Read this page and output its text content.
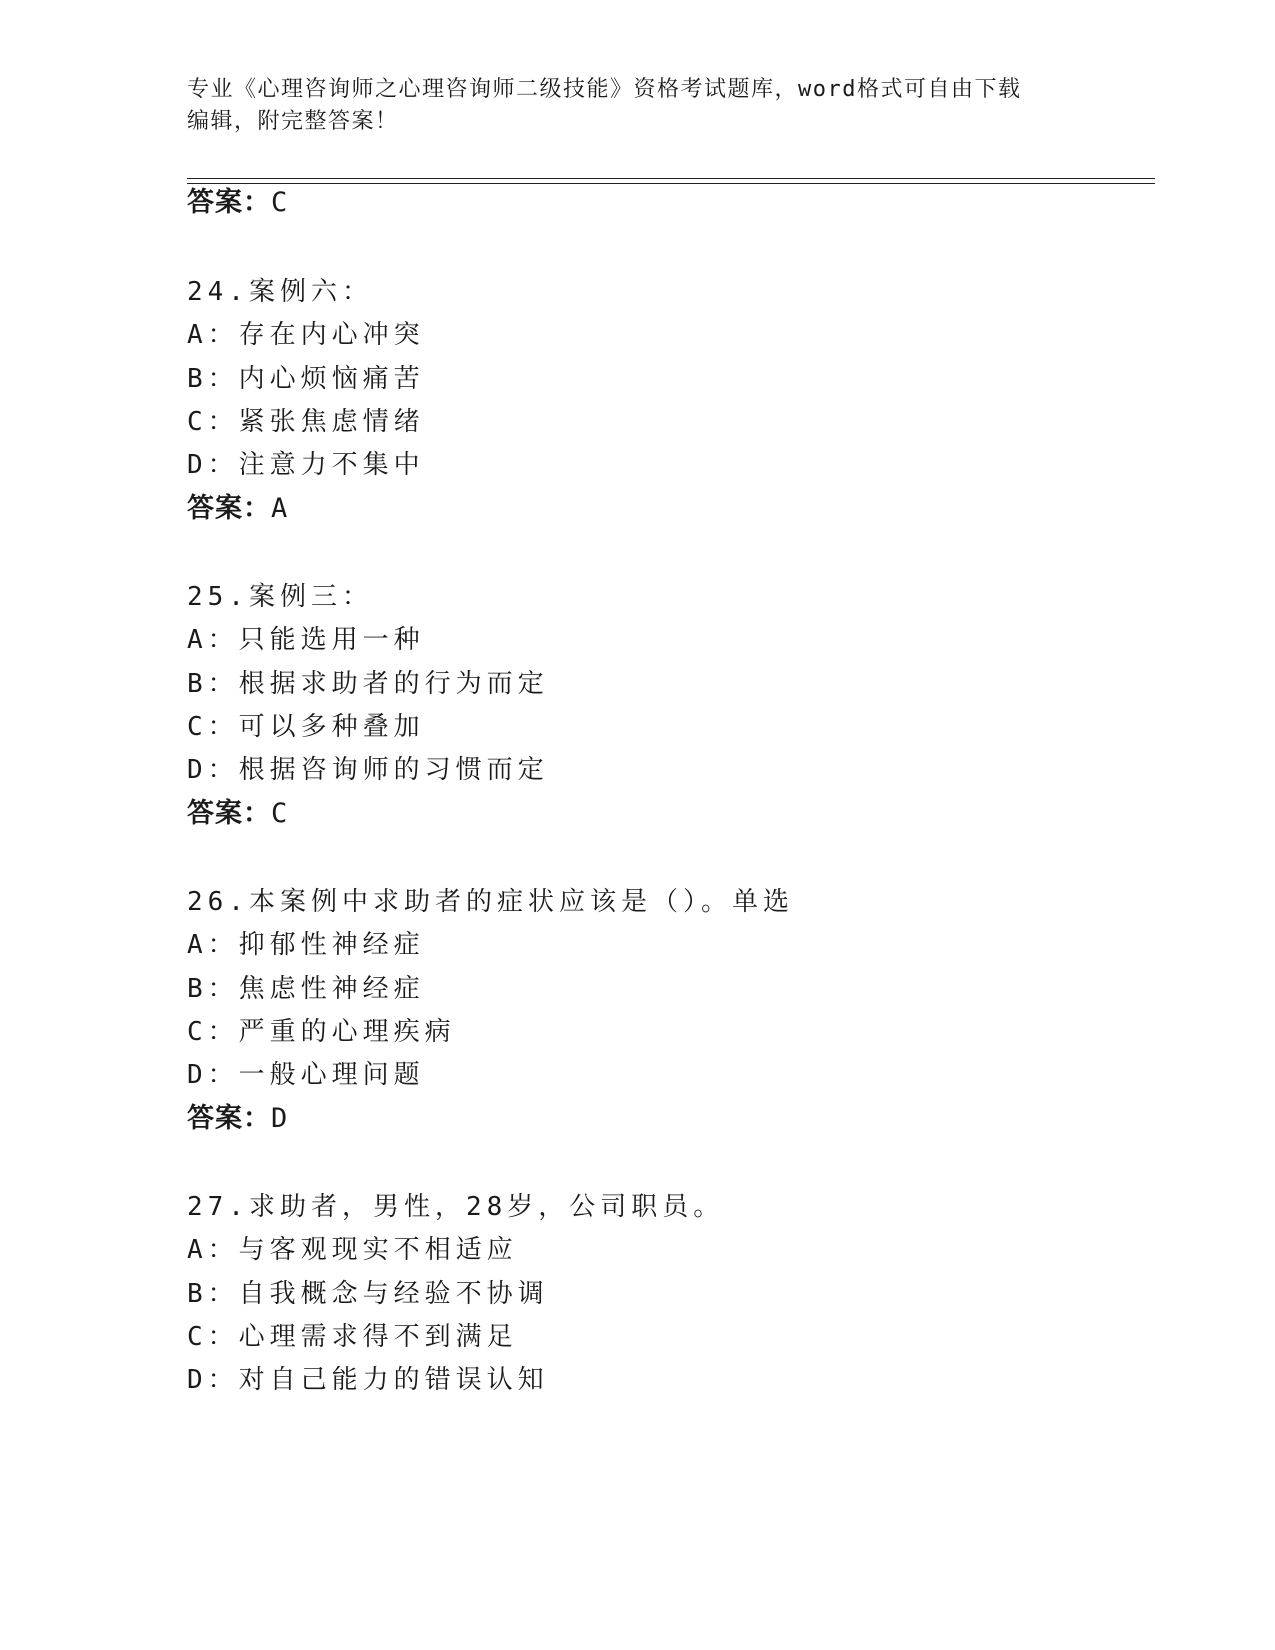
专业《心理咨询师之心理咨询师二级技能》资格考试题库，word格式可自由下载
编辑，附完整答案！
答案：C
24.案例六：
A：存在内心冲突
B：内心烦恼痛苦
C：紧张焦虑情绪
D：注意力不集中
答案：A
25.案例三：
A：只能选用一种
B：根据求助者的行为而定
C：可以多种叠加
D：根据咨询师的习惯而定
答案：C
26.本案例中求助者的症状应该是（）。单选
A：抑郁性神经症
B：焦虑性神经症
C：严重的心理疾病
D：一般心理问题
答案：D
27.求助者，男性，28岁，公司职员。
A：与客观现实不相适应
B：自我概念与经验不协调
C：心理需求得不到满足
D：对自己能力的错误认知
